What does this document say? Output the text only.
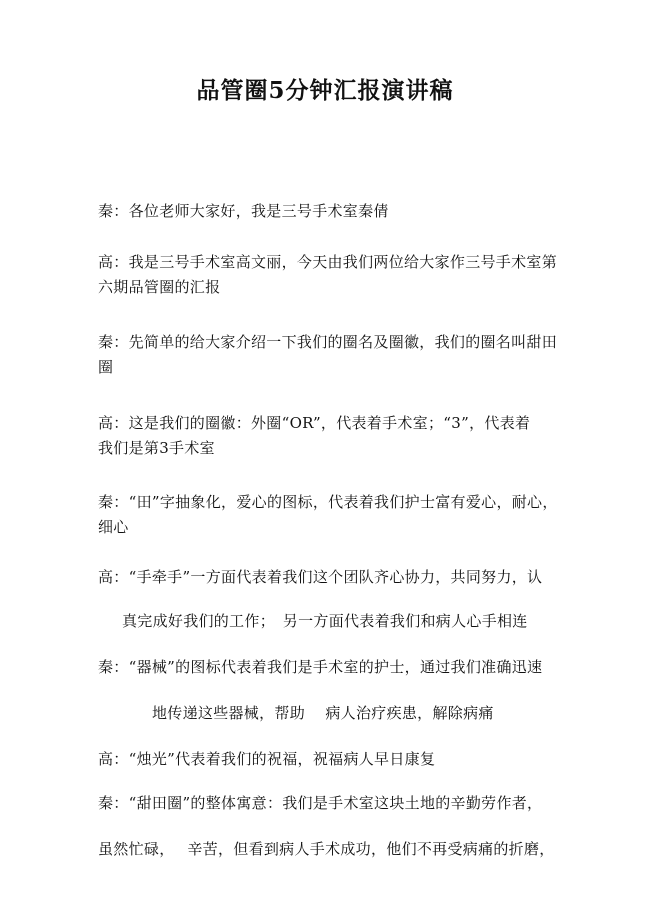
品管圈5分钟汇报演讲稿
秦：各位老师大家好，我是三号手术室秦倩
高：我是三号手术室高文丽，今天由我们两位给大家作三号手术室第
六期品管圈的汇报
秦：先简单的给大家介绍一下我们的圈名及圈徽，我们的圈名叫甜田
圈
高：这是我们的圈徽：外圈“OR”，代表着手术室；“3”，代表着
我们是第3手术室
秦：“田”字抽象化，爱心的图标，代表着我们护士富有爱心，耐心，
细心
高：“手牵手”一方面代表着我们这个团队齐心协力，共同努力，认
真完成好我们的工作；　另一方面代表着我们和病人心手相连
秦：“器械”的图标代表着我们是手术室的护士，通过我们准确迅速
地传递这些器械，帮助　 病人治疗疾患，解除病痛
高：“烛光”代表着我们的祝福，祝福病人早日康复
秦：“甜田圈”的整体寓意：我们是手术室这块土地的辛勤劳作者，
虽然忙碌，　 辛苦，但看到病人手术成功，他们不再受病痛的折磨，
